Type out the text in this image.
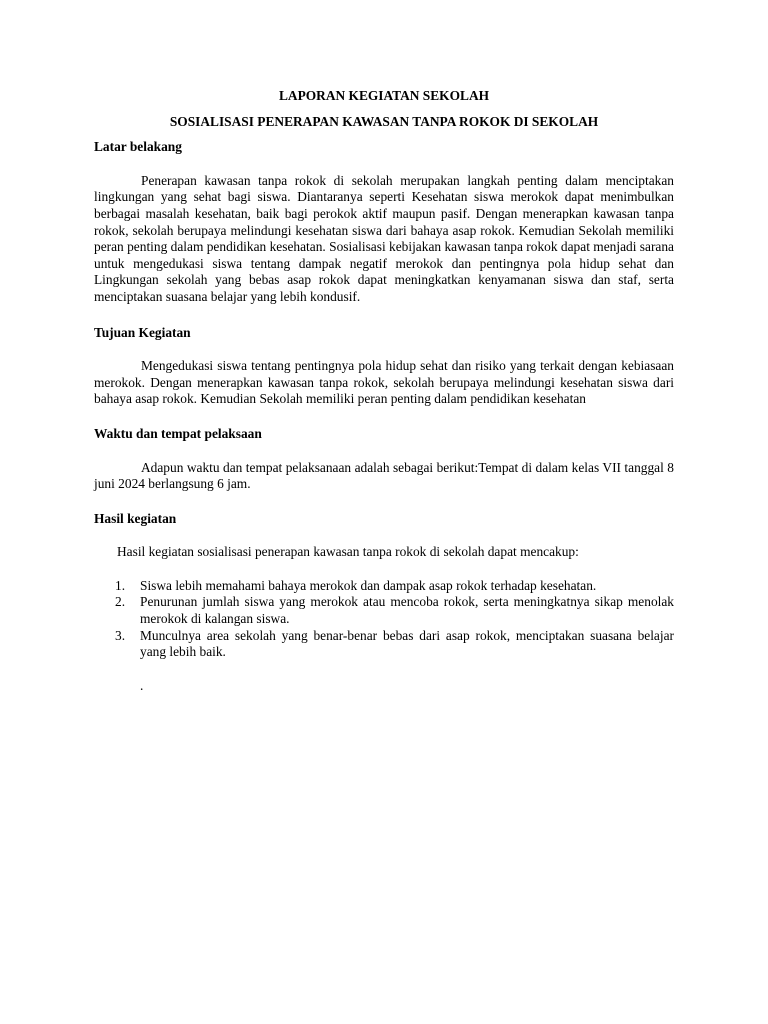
LAPORAN KEGIATAN SEKOLAH

SOSIALISASI PENERAPAN KAWASAN TANPA ROKOK DI SEKOLAH

Latar belakang

Penerapan kawasan tanpa rokok di sekolah merupakan langkah penting dalam menciptakan lingkungan yang sehat bagi siswa. Diantaranya seperti Kesehatan siswa merokok dapat menimbulkan berbagai masalah kesehatan, baik bagi perokok aktif maupun pasif. Dengan menerapkan kawasan tanpa rokok, sekolah berupaya melindungi kesehatan siswa dari bahaya asap rokok. Kemudian Sekolah memiliki peran penting dalam pendidikan kesehatan. Sosialisasi kebijakan kawasan tanpa rokok dapat menjadi sarana untuk mengedukasi siswa tentang dampak negatif merokok dan pentingnya pola hidup sehat dan Lingkungan sekolah yang bebas asap rokok dapat meningkatkan kenyamanan siswa dan staf, serta menciptakan suasana belajar yang lebih kondusif.

Tujuan Kegiatan

Mengedukasi siswa tentang pentingnya pola hidup sehat dan risiko yang terkait dengan kebiasaan merokok. Dengan menerapkan kawasan tanpa rokok, sekolah berupaya melindungi kesehatan siswa dari bahaya asap rokok. Kemudian Sekolah memiliki peran penting dalam pendidikan kesehatan

Waktu dan tempat pelaksaan

Adapun waktu dan tempat pelaksanaan adalah sebagai berikut:Tempat di dalam kelas VII tanggal 8 juni 2024 berlangsung 6 jam.

Hasil kegiatan

Hasil kegiatan sosialisasi penerapan kawasan tanpa rokok di sekolah dapat mencakup:

1. Siswa lebih memahami bahaya merokok dan dampak asap rokok terhadap kesehatan.
2. Penurunan jumlah siswa yang merokok atau mencoba rokok, serta meningkatnya sikap menolak merokok di kalangan siswa.
3. Munculnya area sekolah yang benar-benar bebas dari asap rokok, menciptakan suasana belajar yang lebih baik.

.
